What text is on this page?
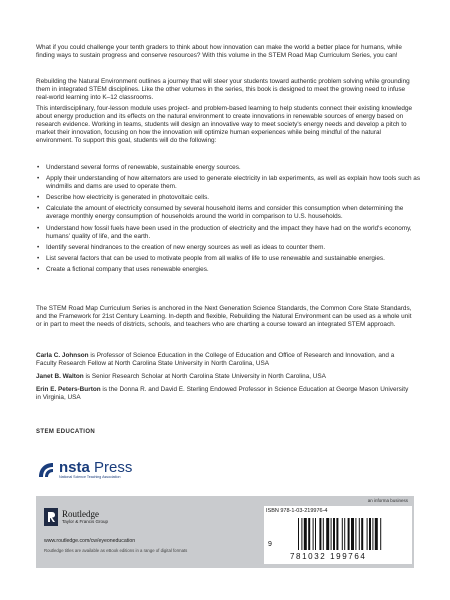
What if you could challenge your tenth graders to think about how innovation can make the world a better place for humans, while finding ways to sustain progress and conserve resources? With this volume in the STEM Road Map Curriculum Series, you can!

Rebuilding the Natural Environment outlines a journey that will steer your students toward authentic problem solving while grounding them in integrated STEM disciplines. Like the other volumes in the series, this book is designed to meet the growing need to infuse real-world learning into K–12 classrooms.

This interdisciplinary, four-lesson module uses project- and problem-based learning to help students connect their existing knowledge about energy production and its effects on the natural environment to create innovations in renewable sources of energy based on research evidence. Working in teams, students will design an innovative way to meet society's energy needs and develop a pitch to market their innovation, focusing on how the innovation will optimize human experiences while being mindful of the natural environment. To support this goal, students will do the following:

• Understand several forms of renewable, sustainable energy sources.
• Apply their understanding of how alternators are used to generate electricity in lab experiments, as well as explain how tools such as windmills and dams are used to operate them.
• Describe how electricity is generated in photovoltaic cells.
• Calculate the amount of electricity consumed by several household items and consider this consumption when determining the average monthly energy consumption of households around the world in comparison to U.S. households.
• Understand how fossil fuels have been used in the production of electricity and the impact they have had on the world's economy, humans' quality of life, and the earth.
• Identify several hindrances to the creation of new energy sources as well as ideas to counter them.
• List several factors that can be used to motivate people from all walks of life to use renewable and sustainable energies.
• Create a fictional company that uses renewable energies.

The STEM Road Map Curriculum Series is anchored in the Next Generation Science Standards, the Common Core State Standards, and the Framework for 21st Century Learning. In-depth and flexible, Rebuilding the Natural Environment can be used as a whole unit or in part to meet the needs of districts, schools, and teachers who are charting a course toward an integrated STEM approach.

Carla C. Johnson is Professor of Science Education in the College of Education and Office of Research and Innovation, and a Faculty Research Fellow at North Carolina State University in North Carolina, USA
Janet B. Walton is Senior Research Scholar at North Carolina State University in North Carolina, USA
Erin E. Peters-Burton is the Donna R. and David E. Sterling Endowed Professor in Science Education at George Mason University in Virginia, USA
STEM EDUCATION
nsta Press
National Science Teaching Association
an informa business
Routledge
Taylor & Francis Group
www.routledge.com/cw/eyeoneducation
Routledge titles are available as eBook editions in a range of digital formats
ISBN 978-1-03-219976-4
9
781032 199764
